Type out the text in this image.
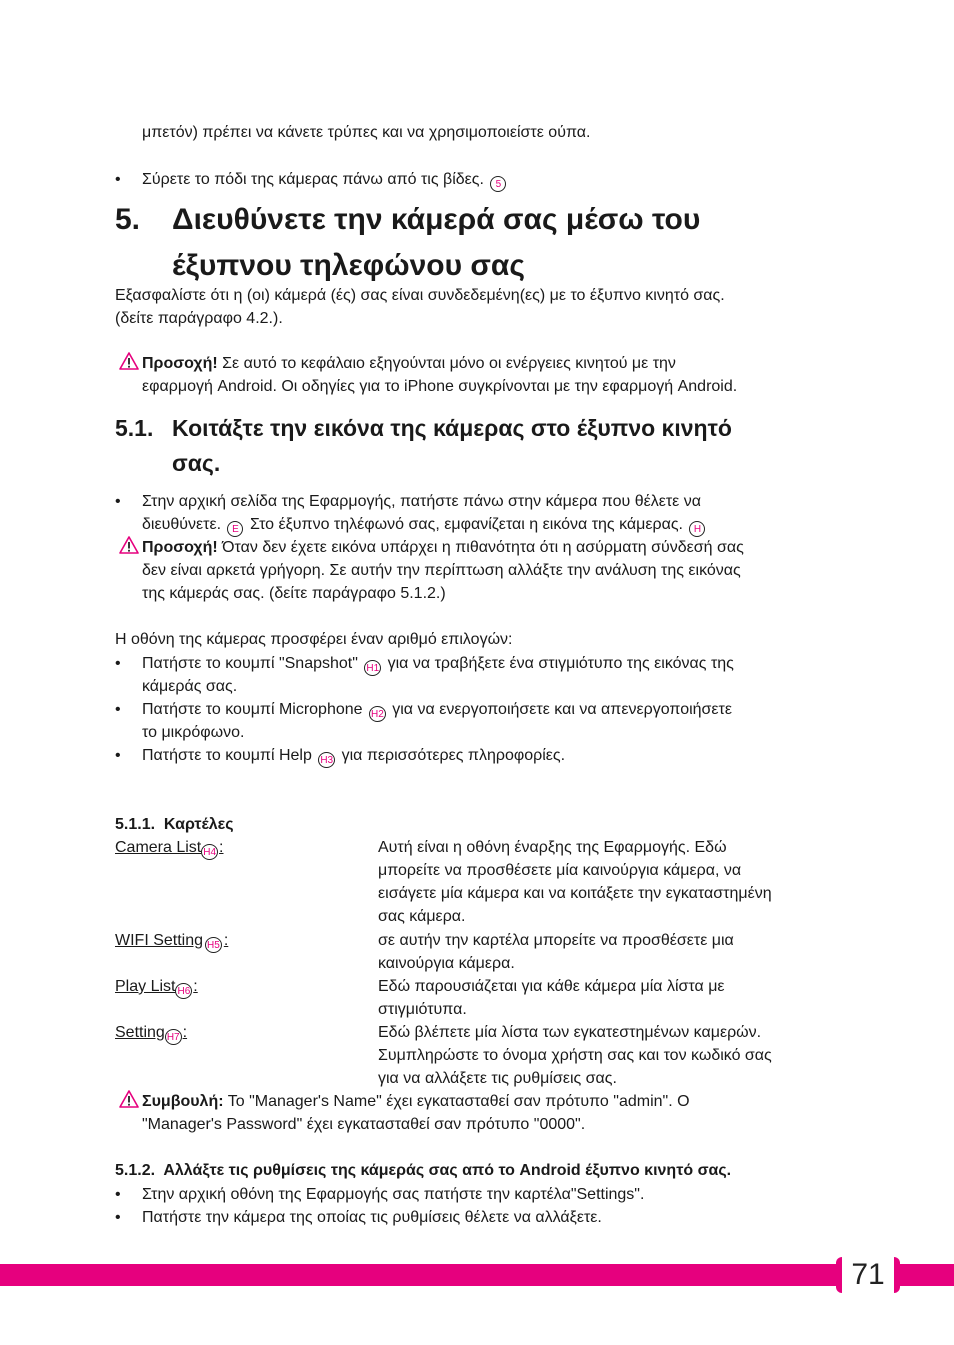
μπετόν) πρέπει να κάνετε τρύπες και να χρησιμοποιείστε ούπα.
• Σύρετε το πόδι της κάμερας πάνω από τις βίδες. 5
5. Διευθύνετε την κάμερά σας μέσω του
έξυπνου τηλεφώνου σας
Εξασφαλίστε ότι η (οι) κάμερά (ές) σας είναι συνδεδεμένη(ες) με το έξυπνο κινητό σας.
(δείτε παράγραφο 4.2.).
Προσοχή! Σε αυτό το κεφάλαιο εξηγούνται μόνο οι ενέργειες κινητού με την
εφαρμογή Android. Οι οδηγίες για το iPhone συγκρίνονται με την εφαρμογή Android.
5.1. Κοιτάξτε την εικόνα της κάμερας στο έξυπνο κινητό
σας.
• Στην αρχική σελίδα της Εφαρμογής, πατήστε πάνω στην κάμερα που θέλετε να
διευθύνετε. E Στο έξυπνο τηλέφωνό σας, εμφανίζεται η εικόνα της κάμερας. H
Προσοχή! Όταν δεν έχετε εικόνα υπάρχει η πιθανότητα ότι η ασύρματη σύνδεσή σας
δεν είναι αρκετά γρήγορη. Σε αυτήν την περίπτωση αλλάξτε την ανάλυση της εικόνας
της κάμεράς σας. (δείτε παράγραφο 5.1.2.)
Η οθόνη της κάμερας προσφέρει έναν αριθμό επιλογών:
• Πατήστε το κουμπί "Snapshot" H1 για να τραβήξετε ένα στιγμιότυπο της εικόνας της
κάμεράς σας.
• Πατήστε το κουμπί Microphone H2 για να ενεργοποιήσετε και να απενεργοποιήσετε
το μικρόφωνο.
• Πατήστε το κουμπί Help H3 για περισσότερες πληροφορίες.
5.1.1. Καρτέλες
Camera List H4 :	Αυτή είναι η οθόνη έναρξης της Εφαρμογής. Εδώ
μπορείτε να προσθέσετε μία καινούργια κάμερα, να
εισάγετε μία κάμερα και να κοιτάξετε την εγκαταστημένη
σας κάμερα.
WIFI Setting H5 :	σε αυτήν την καρτέλα μπορείτε να προσθέσετε μια
καινούργια κάμερα.
Play List H6 :	Εδώ παρουσιάζεται για κάθε κάμερα μία λίστα με
στιγμιότυπα.
Setting H7 :	Εδώ βλέπετε μία λίστα των εγκατεστημένων καμερών.
Συμπληρώστε το όνομα χρήστη σας και τον κωδικό σας
για να αλλάξετε τις ρυθμίσεις σας.
Συμβουλή: Το "Manager's Name" έχει εγκατασταθεί σαν πρότυπο "admin". Ο
"Manager's Password" έχει εγκατασταθεί σαν πρότυπο "0000".
5.1.2. Αλλάξτε τις ρυθμίσεις της κάμεράς σας από το Android έξυπνο κινητό σας.
• Στην αρχική οθόνη της Εφαρμογής σας πατήστε την καρτέλα"Settings".
• Πατήστε την κάμερα της οποίας τις ρυθμίσεις θέλετε να αλλάξετε.
71
